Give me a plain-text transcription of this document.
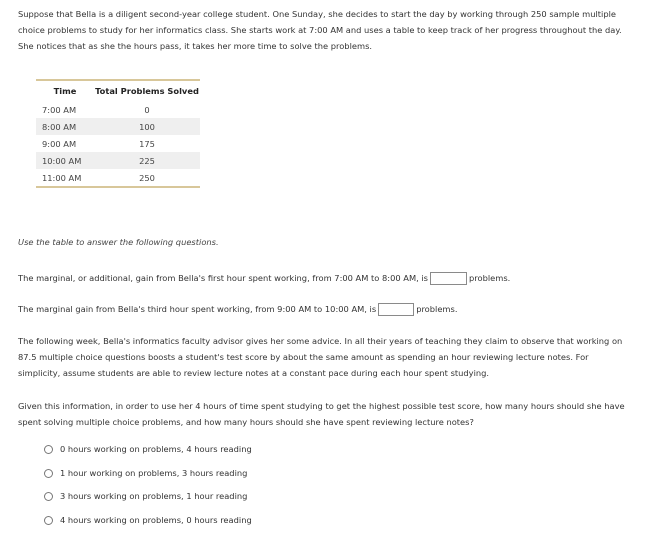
Suppose that Bella is a diligent second-year college student. One Sunday, she decides to start the day by working through 250 sample multiple choice problems to study for her informatics class. She starts work at 7:00 AM and uses a table to keep track of her progress throughout the day. She notices that as she the hours pass, it takes her more time to solve the problems.

Time	Total Problems Solved
7:00 AM	0
8:00 AM	100
9:00 AM	175
10:00 AM	225
11:00 AM	250
Use the table to answer the following questions.
The marginal, or additional, gain from Bella's first hour spent working, from 7:00 AM to 8:00 AM, is	problems.
The marginal gain from Bella's third hour spent working, from 9:00 AM to 10:00 AM, is	problems.

The following week, Bella's informatics faculty advisor gives her some advice. In all their years of teaching they claim to observe that working on 87.5 multiple choice questions boosts a student's test score by about the same amount as spending an hour reviewing lecture notes. For simplicity, assume students are able to review lecture notes at a constant pace during each hour spent studying.

Given this information, in order to use her 4 hours of time spent studying to get the highest possible test score, how many hours should she have spent solving multiple choice problems, and how many hours should she have spent reviewing lecture notes?

0 hours working on problems, 4 hours reading
1 hour working on problems, 3 hours reading
3 hours working on problems, 1 hour reading
4 hours working on problems, 0 hours reading
